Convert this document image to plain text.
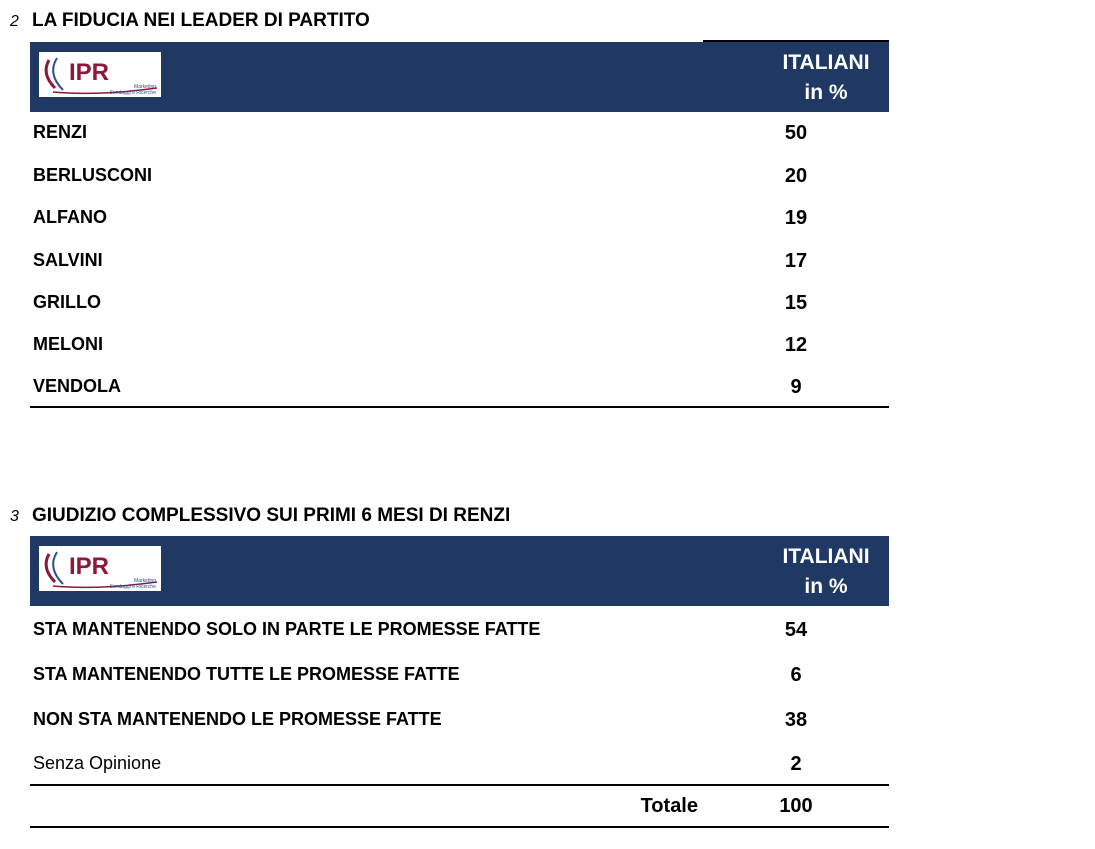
2 LA FIDUCIA NEI LEADER DI PARTITO
IPR
Marketing
Sondaggi e Ricerche
ITALIANI
in %
RENZI	50
BERLUSCONI	20
ALFANO	19
SALVINI	17
GRILLO	15
MELONI	12
VENDOLA	9
3 GIUDIZIO COMPLESSIVO SUI PRIMI 6 MESI DI RENZI
IPR
Marketing
Sondaggi e Ricerche
ITALIANI
in %
STA MANTENENDO SOLO IN PARTE LE PROMESSE FATTE	54
STA MANTENENDO TUTTE LE PROMESSE FATTE	6
NON STA MANTENENDO LE PROMESSE FATTE	38
Senza Opinione	2
Totale	100
